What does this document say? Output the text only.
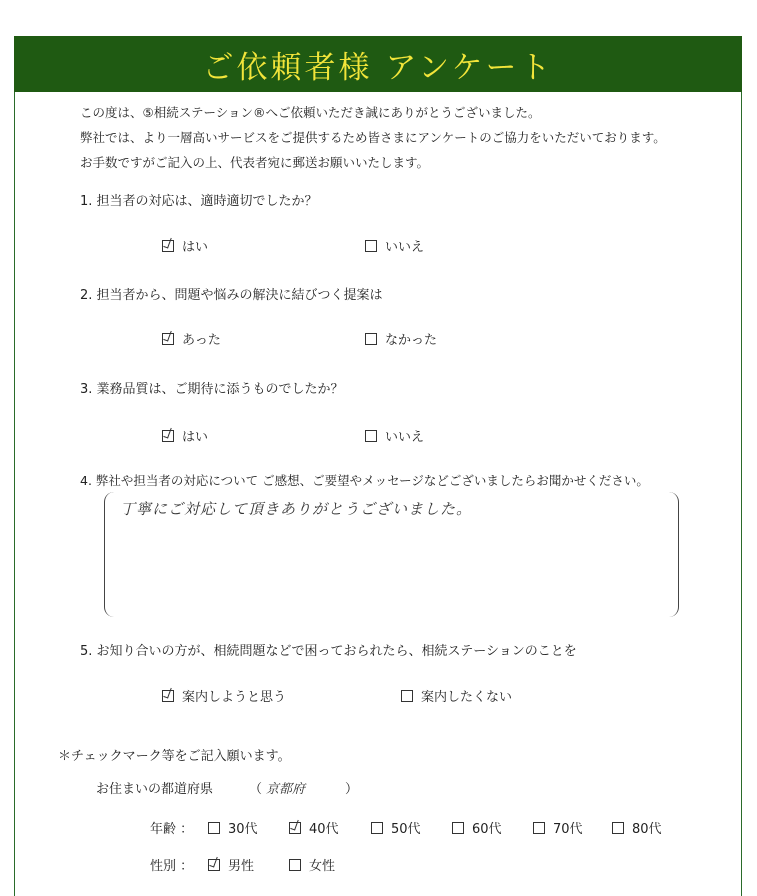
ご依頼者様 アンケート
この度は、⑤相続ステーション®へご依頼いただき誠にありがとうございました。
弊社では、より一層高いサービスをご提供するため皆さまにアンケートのご協力をいただいております。
お手数ですがご記入の上、代表者宛に郵送お願いいたします。
1. 担当者の対応は、適時適切でしたか？
はい	いいえ
2. 担当者から、問題や悩みの解決に結びつく提案は
あった	なかった
3. 業務品質は、ご期待に添うものでしたか？
はい	いいえ
4. 弊社や担当者の対応について ご感想、ご要望やメッセージなどございましたらお聞かせください。
丁寧にご対応して頂きありがとうございました。
5. お知り合いの方が、相続問題などで困っておられたら、相続ステーションのことを
案内しようと思う	案内したくない
＊チェックマーク等をご記入願います。
お住まいの都道府県	（ 京都府	）
年齢 ：	30代	40代	50代	60代	70代	80代
性別 ：	男性	女性
